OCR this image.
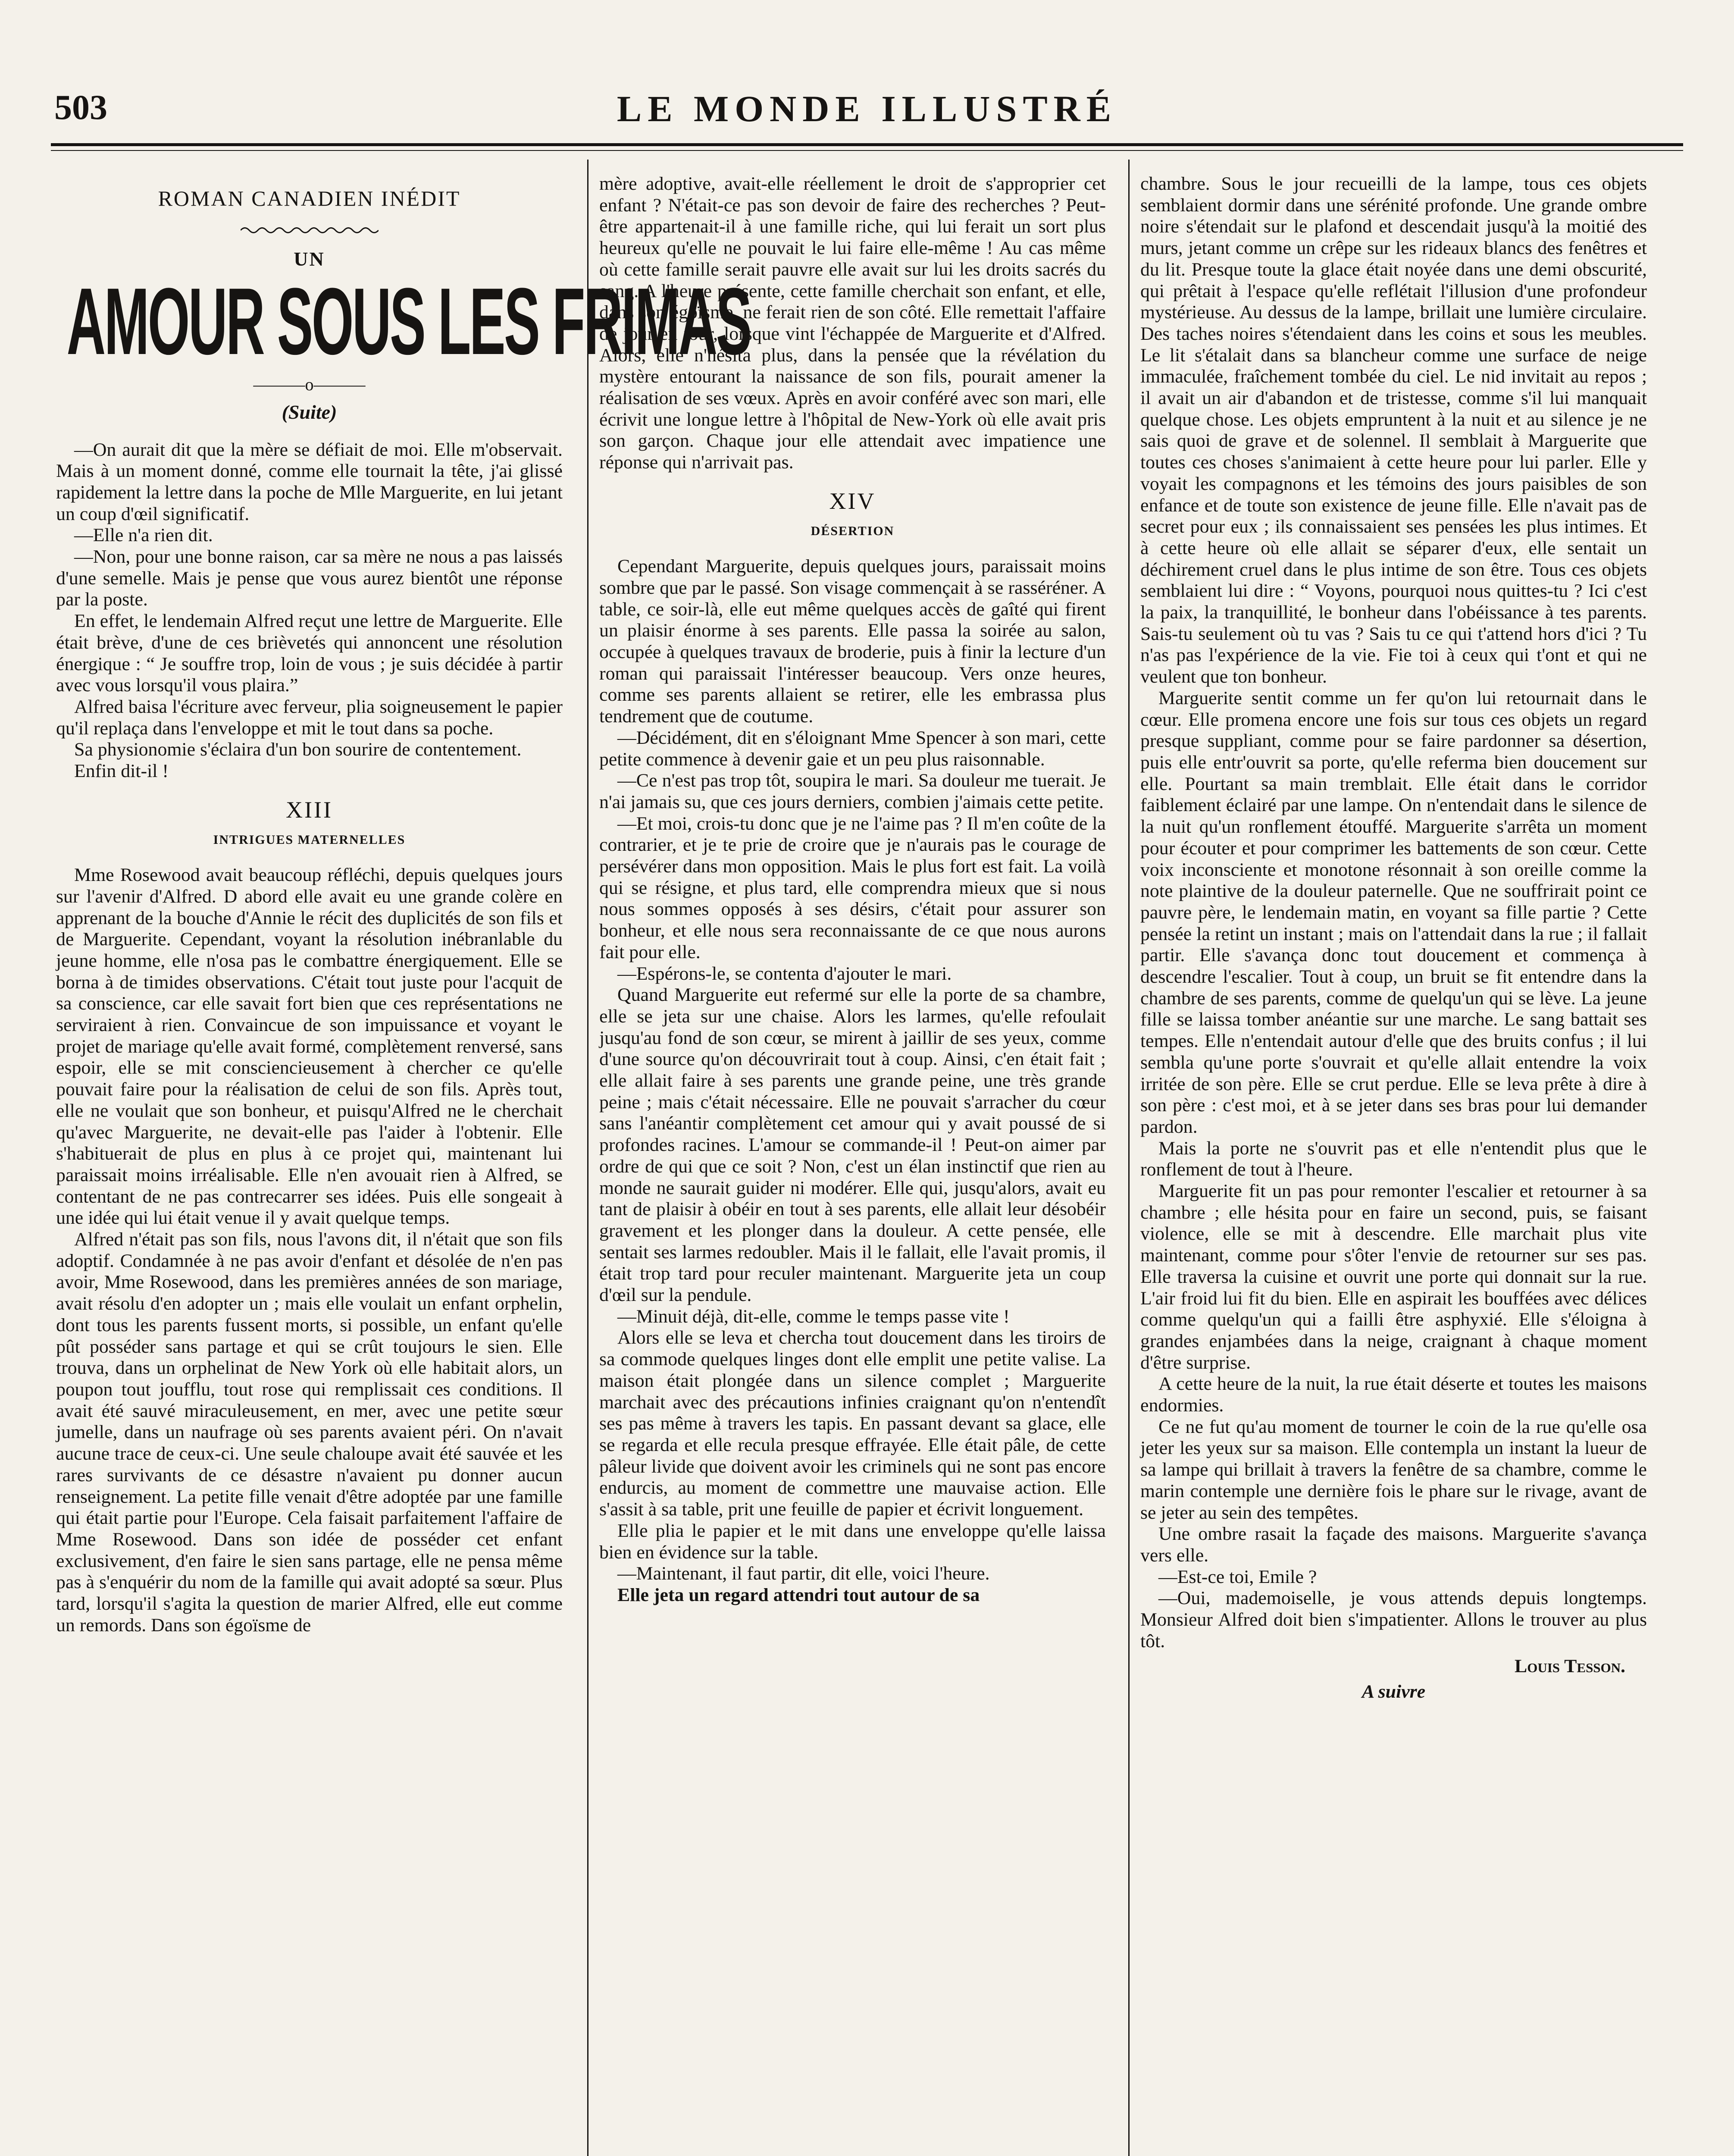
503	LE MONDE ILLUSTRÉ
ROMAN CANADIEN INÉDIT
UN
AMOUR SOUS LES FRIMAS
———o———
(Suite)

—On aurait dit que la mère se défiait de moi. Elle m'observait. Mais à un moment donné, comme elle tournait la tête, j'ai glissé rapidement la lettre dans la poche de Mlle Marguerite, en lui jetant un coup d'œil significatif.

—Elle n'a rien dit.

—Non, pour une bonne raison, car sa mère ne nous a pas laissés d'une semelle. Mais je pense que vous aurez bientôt une réponse par la poste.

En effet, le lendemain Alfred reçut une lettre de Marguerite. Elle était brève, d'une de ces brièvetés qui annoncent une résolution énergique : “ Je souffre trop, loin de vous ; je suis décidée à partir avec vous lorsqu'il vous plaira.”

Alfred baisa l'écriture avec ferveur, plia soigneusement le papier qu'il replaça dans l'enveloppe et mit le tout dans sa poche.

Sa physionomie s'éclaira d'un bon sourire de contentement.

Enfin dit-il !

XIII
INTRIGUES MATERNELLES

Mme Rosewood avait beaucoup réfléchi, depuis quelques jours sur l'avenir d'Alfred. D abord elle avait eu une grande colère en apprenant de la bouche d'Annie le récit des duplicités de son fils et de Marguerite. Cependant, voyant la résolution inébranlable du jeune homme, elle n'osa pas le combattre énergiquement. Elle se borna à de timides observations. C'était tout juste pour l'acquit de sa conscience, car elle savait fort bien que ces représentations ne serviraient à rien. Convaincue de son impuissance et voyant le projet de mariage qu'elle avait formé, complètement renversé, sans espoir, elle se mit consciencieusement à chercher ce qu'elle pouvait faire pour la réalisation de celui de son fils. Après tout, elle ne voulait que son bonheur, et puisqu'Alfred ne le cherchait qu'avec Marguerite, ne devait-elle pas l'aider à l'obtenir. Elle s'habituerait de plus en plus à ce projet qui, maintenant lui paraissait moins irréalisable. Elle n'en avouait rien à Alfred, se contentant de ne pas contrecarrer ses idées. Puis elle songeait à une idée qui lui était venue il y avait quelque temps.

Alfred n'était pas son fils, nous l'avons dit, il n'était que son fils adoptif. Condamnée à ne pas avoir d'enfant et désolée de n'en pas avoir, Mme Rosewood, dans les premières années de son mariage, avait résolu d'en adopter un ; mais elle voulait un enfant orphelin, dont tous les parents fussent morts, si possible, un enfant qu'elle pût posséder sans partage et qui se crût toujours le sien. Elle trouva, dans un orphelinat de New York où elle habitait alors, un poupon tout joufflu, tout rose qui remplissait ces conditions. Il avait été sauvé miraculeusement, en mer, avec une petite sœur jumelle, dans un naufrage où ses parents avaient péri. On n'avait aucune trace de ceux-ci. Une seule chaloupe avait été sauvée et les rares survivants de ce désastre n'avaient pu donner aucun renseignement. La petite fille venait d'être adoptée par une famille qui était partie pour l'Europe. Cela faisait parfaitement l'affaire de Mme Rosewood. Dans son idée de posséder cet enfant exclusivement, d'en faire le sien sans partage, elle ne pensa même pas à s'enquérir du nom de la famille qui avait adopté sa sœur. Plus tard, lorsqu'il s'agita la question de marier Alfred, elle eut comme un remords. Dans son égoïsme de

mère adoptive, avait-elle réellement le droit de s'approprier cet enfant ? N'était-ce pas son devoir de faire des recherches ? Peut-être appartenait-il à une famille riche, qui lui ferait un sort plus heureux qu'elle ne pouvait le lui faire elle-même ! Au cas même où cette famille serait pauvre elle avait sur lui les droits sacrés du sang. A l'heure présente, cette famille cherchait son enfant, et elle, dans son égoïsme, ne ferait rien de son côté. Elle remettait l'affaire de jour en jour, lorsque vint l'échappée de Marguerite et d'Alfred. Alors, elle n'hésita plus, dans la pensée que la révélation du mystère entourant la naissance de son fils, pourait amener la réalisation de ses vœux. Après en avoir conféré avec son mari, elle écrivit une longue lettre à l'hôpital de New-York où elle avait pris son garçon. Chaque jour elle attendait avec impatience une réponse qui n'arrivait pas.

XIV
DÉSERTION

Cependant Marguerite, depuis quelques jours, paraissait moins sombre que par le passé. Son visage commençait à se rasséréner. A table, ce soir-là, elle eut même quelques accès de gaîté qui firent un plaisir énorme à ses parents. Elle passa la soirée au salon, occupée à quelques travaux de broderie, puis à finir la lecture d'un roman qui paraissait l'intéresser beaucoup. Vers onze heures, comme ses parents allaient se retirer, elle les embrassa plus tendrement que de coutume.

—Décidément, dit en s'éloignant Mme Spencer à son mari, cette petite commence à devenir gaie et un peu plus raisonnable.

—Ce n'est pas trop tôt, soupira le mari. Sa douleur me tuerait. Je n'ai jamais su, que ces jours derniers, combien j'aimais cette petite.

—Et moi, crois-tu donc que je ne l'aime pas ? Il m'en coûte de la contrarier, et je te prie de croire que je n'aurais pas le courage de persévérer dans mon opposition. Mais le plus fort est fait. La voilà qui se résigne, et plus tard, elle comprendra mieux que si nous nous sommes opposés à ses désirs, c'était pour assurer son bonheur, et elle nous sera reconnaissante de ce que nous aurons fait pour elle.

—Espérons-le, se contenta d'ajouter le mari.

Quand Marguerite eut refermé sur elle la porte de sa chambre, elle se jeta sur une chaise. Alors les larmes, qu'elle refoulait jusqu'au fond de son cœur, se mirent à jaillir de ses yeux, comme d'une source qu'on découvrirait tout à coup. Ainsi, c'en était fait ; elle allait faire à ses parents une grande peine, une très grande peine ; mais c'était nécessaire. Elle ne pouvait s'arracher du cœur sans l'anéantir complètement cet amour qui y avait poussé de si profondes racines. L'amour se commande-il ! Peut-on aimer par ordre de qui que ce soit ? Non, c'est un élan instinctif que rien au monde ne saurait guider ni modérer. Elle qui, jusqu'alors, avait eu tant de plaisir à obéir en tout à ses parents, elle allait leur désobéir gravement et les plonger dans la douleur. A cette pensée, elle sentait ses larmes redoubler. Mais il le fallait, elle l'avait promis, il était trop tard pour reculer maintenant. Marguerite jeta un coup d'œil sur la pendule.

—Minuit déjà, dit-elle, comme le temps passe vite !

Alors elle se leva et chercha tout doucement dans les tiroirs de sa commode quelques linges dont elle emplit une petite valise. La maison était plongée dans un silence complet ; Marguerite marchait avec des précautions infinies craignant qu'on n'entendît ses pas même à travers les tapis. En passant devant sa glace, elle se regarda et elle recula presque effrayée. Elle était pâle, de cette pâleur livide que doivent avoir les criminels qui ne sont pas encore endurcis, au moment de commettre une mauvaise action. Elle s'assit à sa table, prit une feuille de papier et écrivit longuement.

Elle plia le papier et le mit dans une enveloppe qu'elle laissa bien en évidence sur la table.

—Maintenant, il faut partir, dit elle, voici l'heure.

Elle jeta un regard attendri tout autour de sa

chambre. Sous le jour recueilli de la lampe, tous ces objets semblaient dormir dans une sérénité profonde. Une grande ombre noire s'étendait sur le plafond et descendait jusqu'à la moitié des murs, jetant comme un crêpe sur les rideaux blancs des fenêtres et du lit. Presque toute la glace était noyée dans une demi obscurité, qui prêtait à l'espace qu'elle reflétait l'illusion d'une profondeur mystérieuse. Au dessus de la lampe, brillait une lumière circulaire. Des taches noires s'étendaient dans les coins et sous les meubles. Le lit s'étalait dans sa blancheur comme une surface de neige immaculée, fraîchement tombée du ciel. Le nid invitait au repos ; il avait un air d'abandon et de tristesse, comme s'il lui manquait quelque chose. Les objets empruntent à la nuit et au silence je ne sais quoi de grave et de solennel. Il semblait à Marguerite que toutes ces choses s'animaient à cette heure pour lui parler. Elle y voyait les compagnons et les témoins des jours paisibles de son enfance et de toute son existence de jeune fille. Elle n'avait pas de secret pour eux ; ils connaissaient ses pensées les plus intimes. Et à cette heure où elle allait se séparer d'eux, elle sentait un déchirement cruel dans le plus intime de son être. Tous ces objets semblaient lui dire : “ Voyons, pourquoi nous quittes-tu ? Ici c'est la paix, la tranquillité, le bonheur dans l'obéissance à tes parents. Sais-tu seulement où tu vas ? Sais tu ce qui t'attend hors d'ici ? Tu n'as pas l'expérience de la vie. Fie toi à ceux qui t'ont et qui ne veulent que ton bonheur.

Marguerite sentit comme un fer qu'on lui retournait dans le cœur. Elle promena encore une fois sur tous ces objets un regard presque suppliant, comme pour se faire pardonner sa désertion, puis elle entr'ouvrit sa porte, qu'elle referma bien doucement sur elle. Pourtant sa main tremblait. Elle était dans le corridor faiblement éclairé par une lampe. On n'entendait dans le silence de la nuit qu'un ronflement étouffé. Marguerite s'arrêta un moment pour écouter et pour comprimer les battements de son cœur. Cette voix inconsciente et monotone résonnait à son oreille comme la note plaintive de la douleur paternelle. Que ne souffrirait point ce pauvre père, le lendemain matin, en voyant sa fille partie ? Cette pensée la retint un instant ; mais on l'attendait dans la rue ; il fallait partir. Elle s'avança donc tout doucement et commença à descendre l'escalier. Tout à coup, un bruit se fit entendre dans la chambre de ses parents, comme de quelqu'un qui se lève. La jeune fille se laissa tomber anéantie sur une marche. Le sang battait ses tempes. Elle n'entendait autour d'elle que des bruits confus ; il lui sembla qu'une porte s'ouvrait et qu'elle allait entendre la voix irritée de son père. Elle se crut perdue. Elle se leva prête à dire à son père : c'est moi, et à se jeter dans ses bras pour lui demander pardon.

Mais la porte ne s'ouvrit pas et elle n'entendit plus que le ronflement de tout à l'heure.

Marguerite fit un pas pour remonter l'escalier et retourner à sa chambre ; elle hésita pour en faire un second, puis, se faisant violence, elle se mit à descendre. Elle marchait plus vite maintenant, comme pour s'ôter l'envie de retourner sur ses pas. Elle traversa la cuisine et ouvrit une porte qui donnait sur la rue. L'air froid lui fit du bien. Elle en aspirait les bouffées avec délices comme quelqu'un qui a failli être asphyxié. Elle s'éloigna à grandes enjambées dans la neige, craignant à chaque moment d'être surprise.

A cette heure de la nuit, la rue était déserte et toutes les maisons endormies.

Ce ne fut qu'au moment de tourner le coin de la rue qu'elle osa jeter les yeux sur sa maison. Elle contempla un instant la lueur de sa lampe qui brillait à travers la fenêtre de sa chambre, comme le marin contemple une dernière fois le phare sur le rivage, avant de se jeter au sein des tempêtes.

Une ombre rasait la façade des maisons. Marguerite s'avança vers elle.

—Est-ce toi, Emile ?

—Oui, mademoiselle, je vous attends depuis longtemps. Monsieur Alfred doit bien s'impatienter. Allons le trouver au plus tôt.

Louis Tesson.
A suivre
